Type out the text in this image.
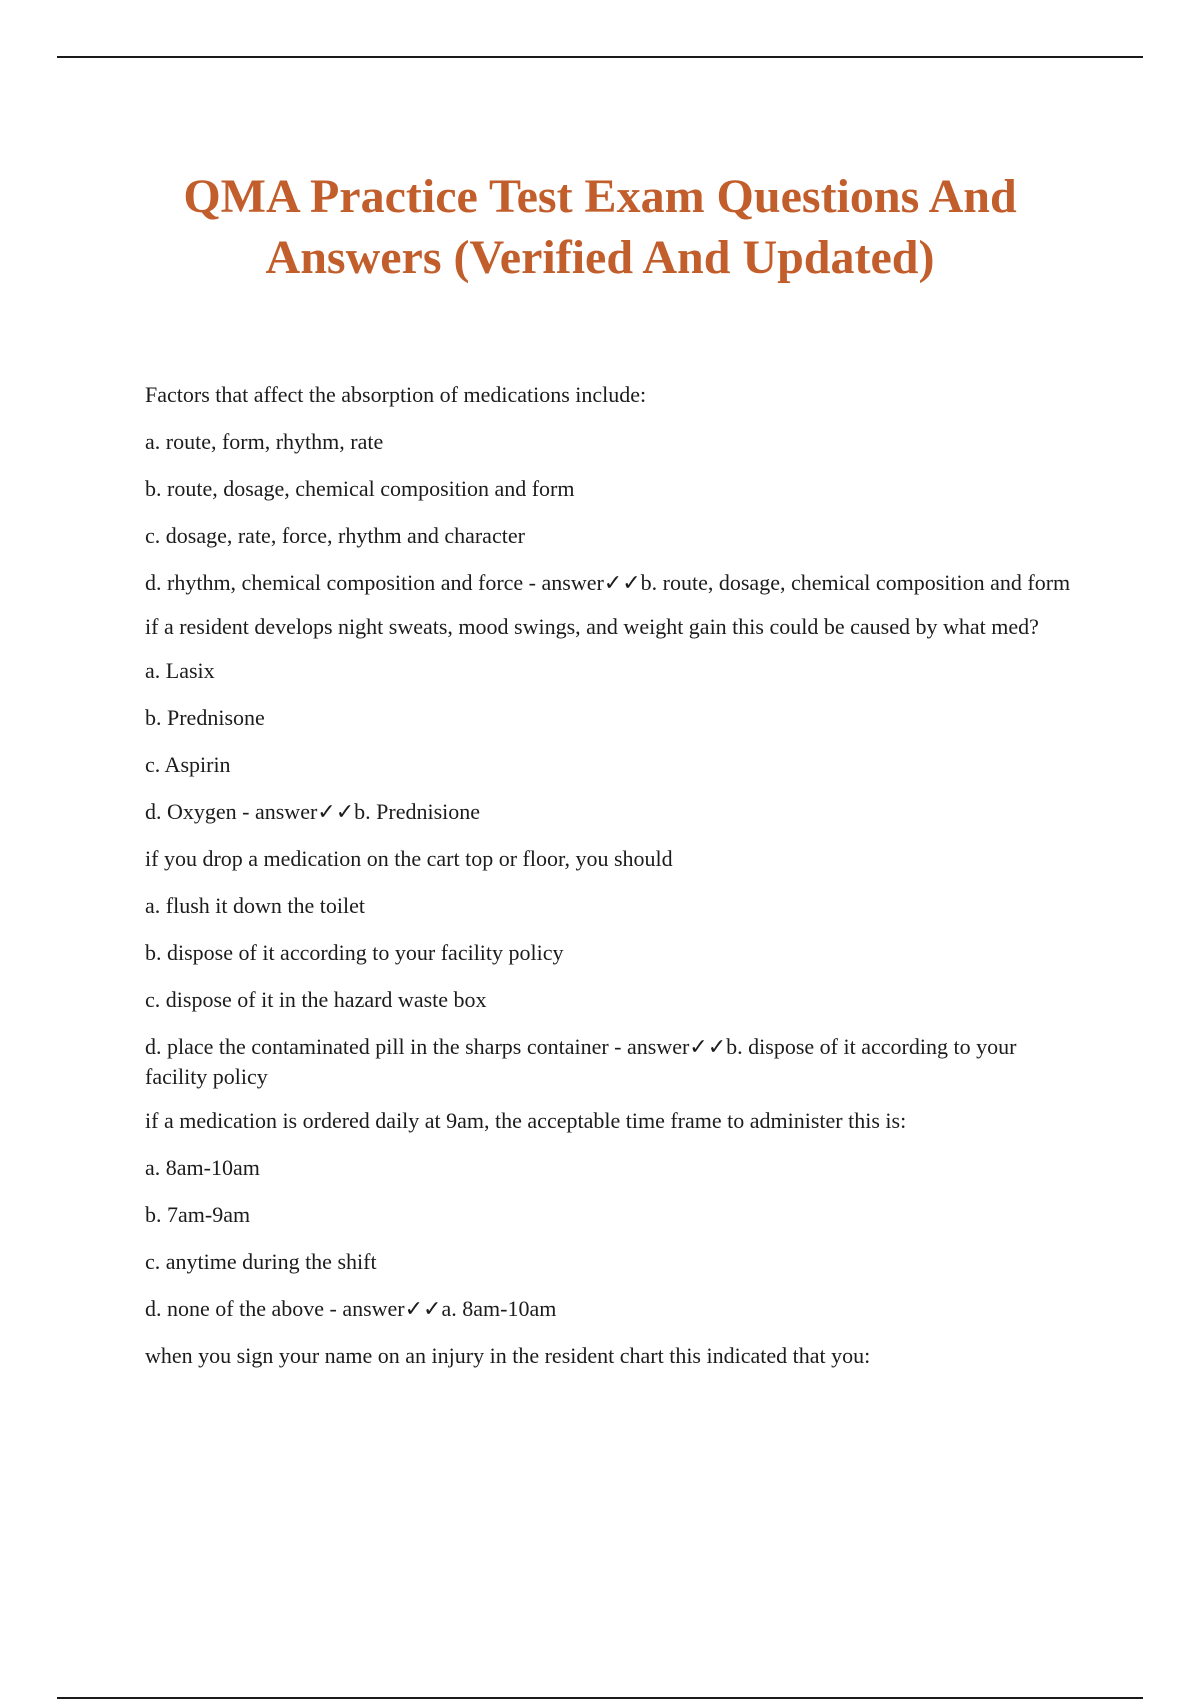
QMA Practice Test Exam Questions And
Answers (Verified And Updated)

Factors that affect the absorption of medications include:

a. route, form, rhythm, rate

b. route, dosage, chemical composition and form

c. dosage, rate, force, rhythm and character

d. rhythm, chemical composition and force - answer✓✓b. route, dosage, chemical composition and form

if a resident develops night sweats, mood swings, and weight gain this could be caused by what med?

a. Lasix

b. Prednisone

c. Aspirin

d. Oxygen - answer✓✓b. Prednisione

if you drop a medication on the cart top or floor, you should

a. flush it down the toilet

b. dispose of it according to your facility policy

c. dispose of it in the hazard waste box

d. place the contaminated pill in the sharps container - answer✓✓b. dispose of it according to your facility policy

if a medication is ordered daily at 9am, the acceptable time frame to administer this is:

a. 8am-10am

b. 7am-9am

c. anytime during the shift

d. none of the above - answer✓✓a. 8am-10am

when you sign your name on an injury in the resident chart this indicated that you:
